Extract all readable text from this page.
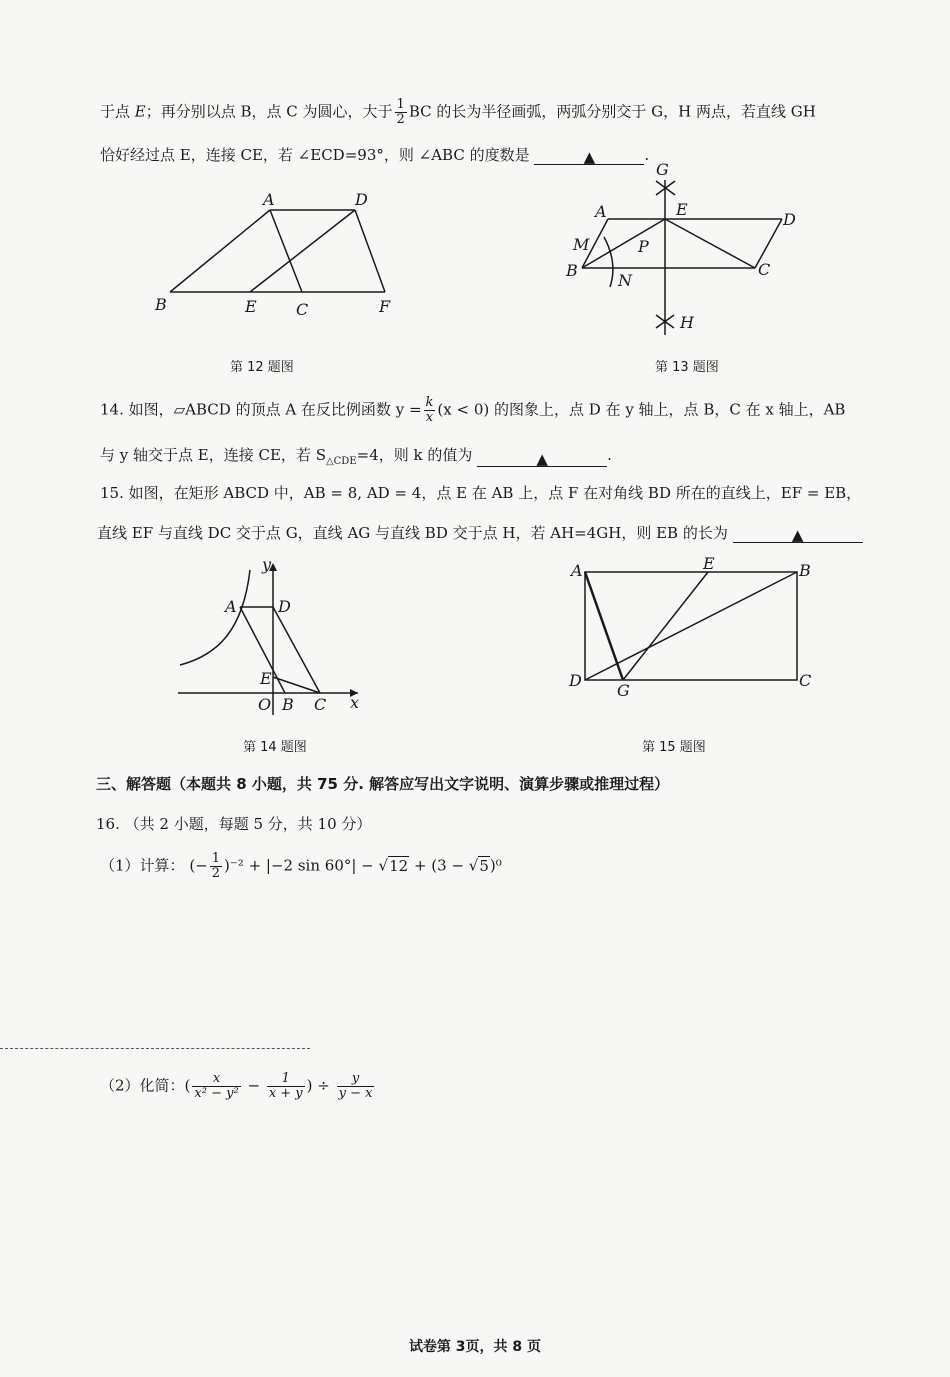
于点 E；再分别以点 B，点 C 为圆心，大于 $\frac{1}{2}$ BC 的长为半径画弧，两弧分别交于 G，H 两点，若直线 GH
恰好经过点 E，连接 CE，若 ∠ECD=93°，则 ∠ABC 的度数是	▲	.
A	D
B	E C	F
第 12 题图
G
A	E
D
M	P
B
N
C
H
第 13 题图
14. 如图，▱ABCD 的顶点 A 在反比例函数 $y = \frac{k}{x} (x < 0)$ 的图象上，点 D 在 y 轴上，点 B，C 在 x 轴上，AB
与 y 轴交于点 E，连接 CE，若 $S_{\triangle CDE}=4$，则 k 的值为	▲	.
15. 如图，在矩形 ABCD 中，AB = 8, AD = 4，点 E 在 AB 上，点 F 在对角线 BD 所在的直线上，EF = EB，
直线 EF 与直线 DC 交于点 G，直线 AG 与直线 BD 交于点 H，若 AH=4GH，则 EB 的长为	▲
y
A	D
E
O B C x
第 14 题图
A	E	B
D
G
C
第 15 题图
三、解答题（本题共 8 小题，共 75 分. 解答应写出文字说明、演算步骤或推理过程）
16. （共 2 小题，每题 5 分，共 10 分）
（1）计算： (− $\frac{1}{2} )^{-2} + |-2$ sin 60°| − √12 + (3 − √5)⁰
（2）化简：( $\frac{x}{\text{x² − y²}} - \frac{1}{x + y}$ ) ÷ $\frac{y}{y - x}$
试卷第 3页，共 8 页
